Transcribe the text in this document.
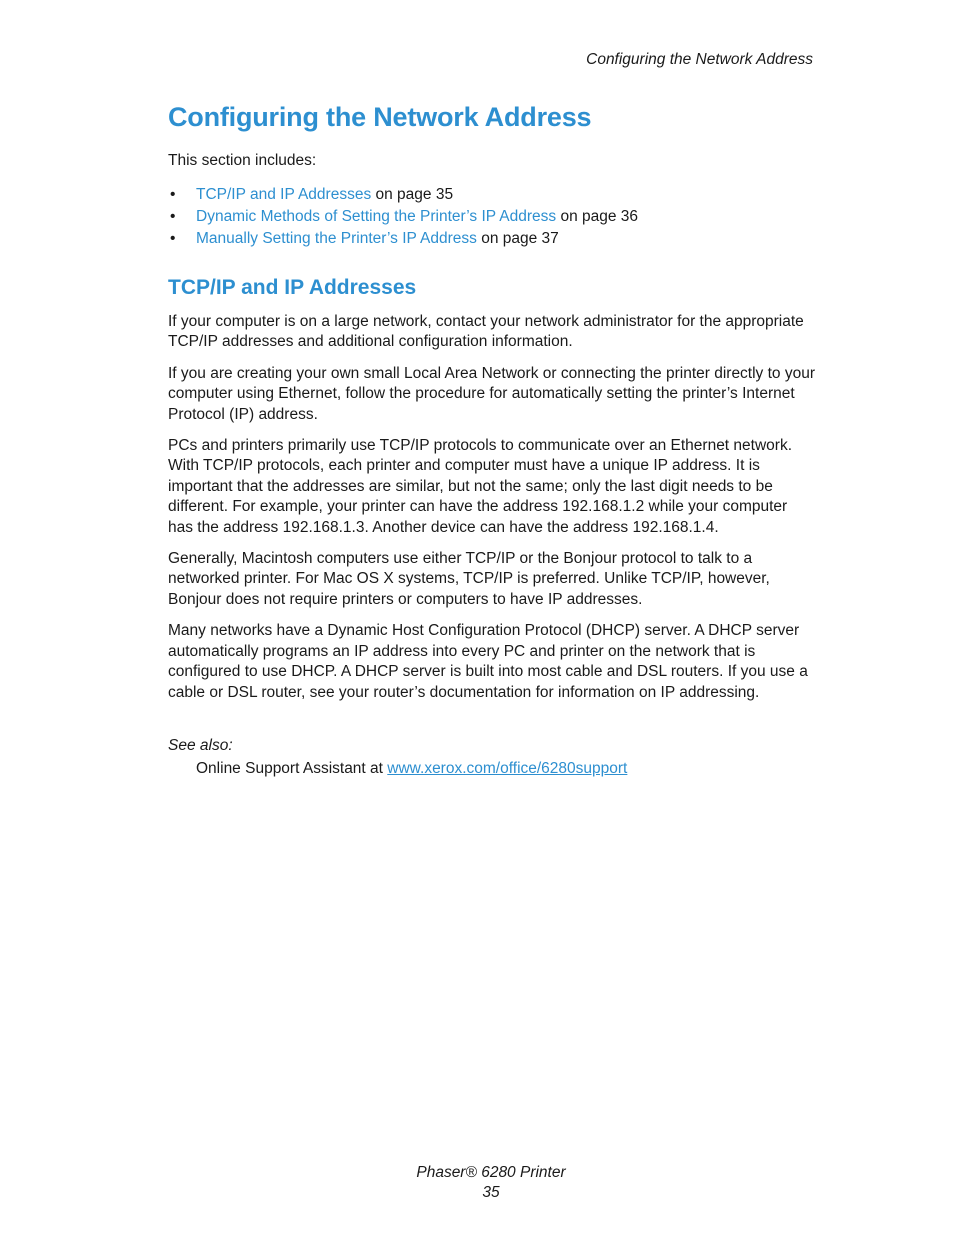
Configuring the Network Address
Configuring the Network Address

This section includes:

• TCP/IP and IP Addresses on page 35
• Dynamic Methods of Setting the Printer’s IP Address on page 36
• Manually Setting the Printer’s IP Address on page 37
TCP/IP and IP Addresses

If your computer is on a large network, contact your network administrator for the appropriate TCP/IP addresses and additional configuration information.

If you are creating your own small Local Area Network or connecting the printer directly to your computer using Ethernet, follow the procedure for automatically setting the printer’s Internet Protocol (IP) address.

PCs and printers primarily use TCP/IP protocols to communicate over an Ethernet network. With TCP/IP protocols, each printer and computer must have a unique IP address. It is important that the addresses are similar, but not the same; only the last digit needs to be different. For example, your printer can have the address 192.168.1.2 while your computer has the address 192.168.1.3. Another device can have the address 192.168.1.4.

Generally, Macintosh computers use either TCP/IP or the Bonjour protocol to talk to a networked printer. For Mac OS X systems, TCP/IP is preferred. Unlike TCP/IP, however, Bonjour does not require printers or computers to have IP addresses.

Many networks have a Dynamic Host Configuration Protocol (DHCP) server. A DHCP server automatically programs an IP address into every PC and printer on the network that is configured to use DHCP. A DHCP server is built into most cable and DSL routers. If you use a cable or DSL router, see your router’s documentation for information on IP addressing.

See also:
Online Support Assistant at www.xerox.com/office/6280support
Phaser® 6280 Printer
35
